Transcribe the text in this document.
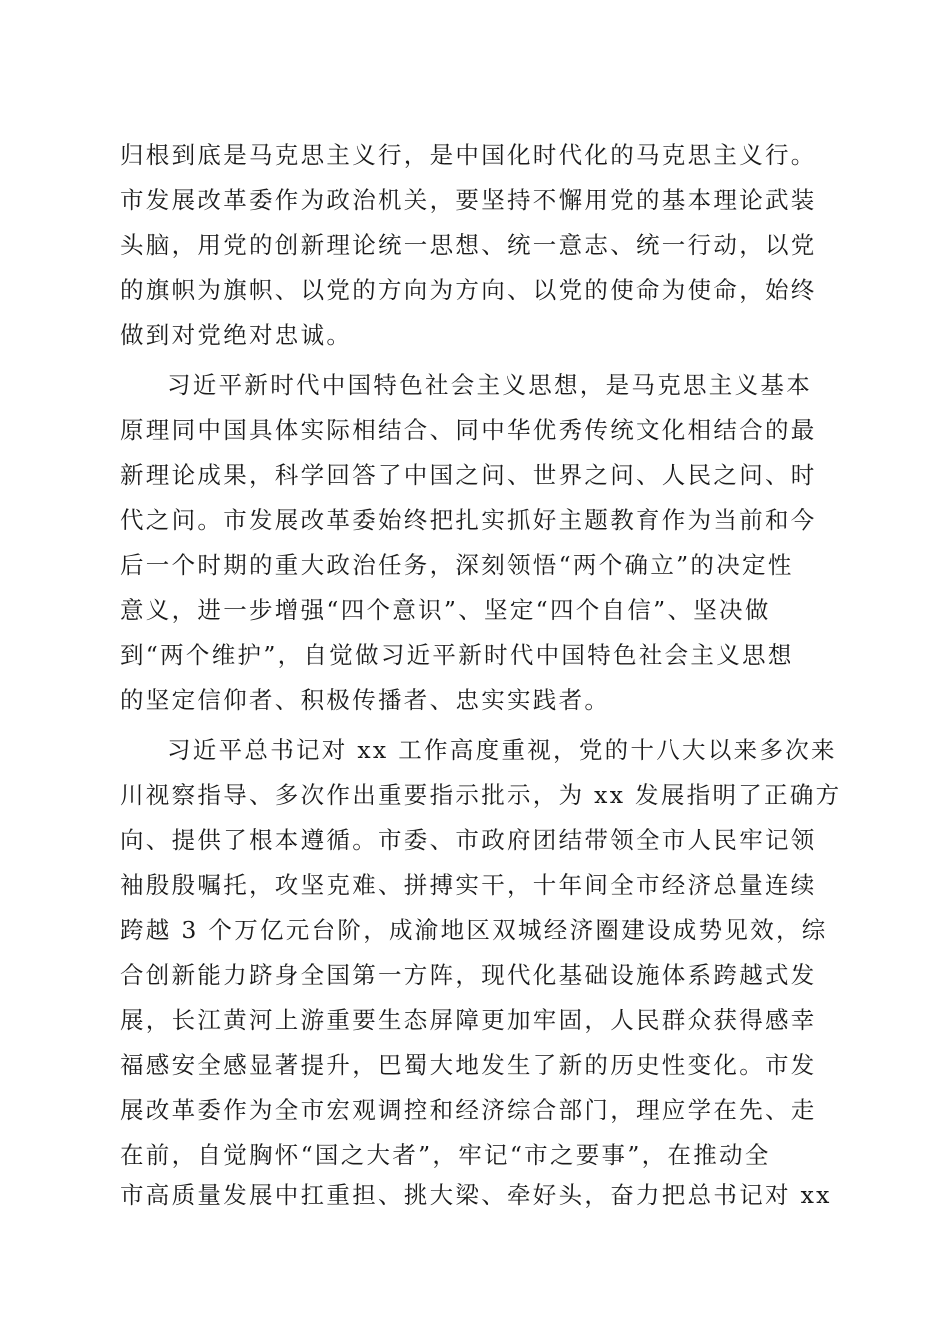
归根到底是马克思主义行，是中国化时代化的马克思主义行。
市发展改革委作为政治机关，要坚持不懈用党的基本理论武装
头脑，用党的创新理论统一思想、统一意志、统一行动，以党
的旗帜为旗帜、以党的方向为方向、以党的使命为使命，始终
做到对党绝对忠诚。
习近平新时代中国特色社会主义思想，是马克思主义基本
原理同中国具体实际相结合、同中华优秀传统文化相结合的最
新理论成果，科学回答了中国之问、世界之问、人民之问、时
代之问。市发展改革委始终把扎实抓好主题教育作为当前和今
后一个时期的重大政治任务，深刻领悟“两个确立”的决定性
意义，进一步增强“四个意识”、坚定“四个自信”、坚决做
到“两个维护”，自觉做习近平新时代中国特色社会主义思想
的坚定信仰者、积极传播者、忠实实践者。
习近平总书记对 xx 工作高度重视，党的十八大以来多次来
川视察指导、多次作出重要指示批示，为 xx 发展指明了正确方
向、提供了根本遵循。市委、市政府团结带领全市人民牢记领
袖殷殷嘱托，攻坚克难、拼搏实干，十年间全市经济总量连续
跨越 3 个万亿元台阶，成渝地区双城经济圈建设成势见效，综
合创新能力跻身全国第一方阵，现代化基础设施体系跨越式发
展，长江黄河上游重要生态屏障更加牢固，人民群众获得感幸
福感安全感显著提升，巴蜀大地发生了新的历史性变化。市发
展改革委作为全市宏观调控和经济综合部门，理应学在先、走
在前，自觉胸怀“国之大者”，牢记“市之要事”，在推动全
市高质量发展中扛重担、挑大梁、牵好头，奋力把总书记对 xx
